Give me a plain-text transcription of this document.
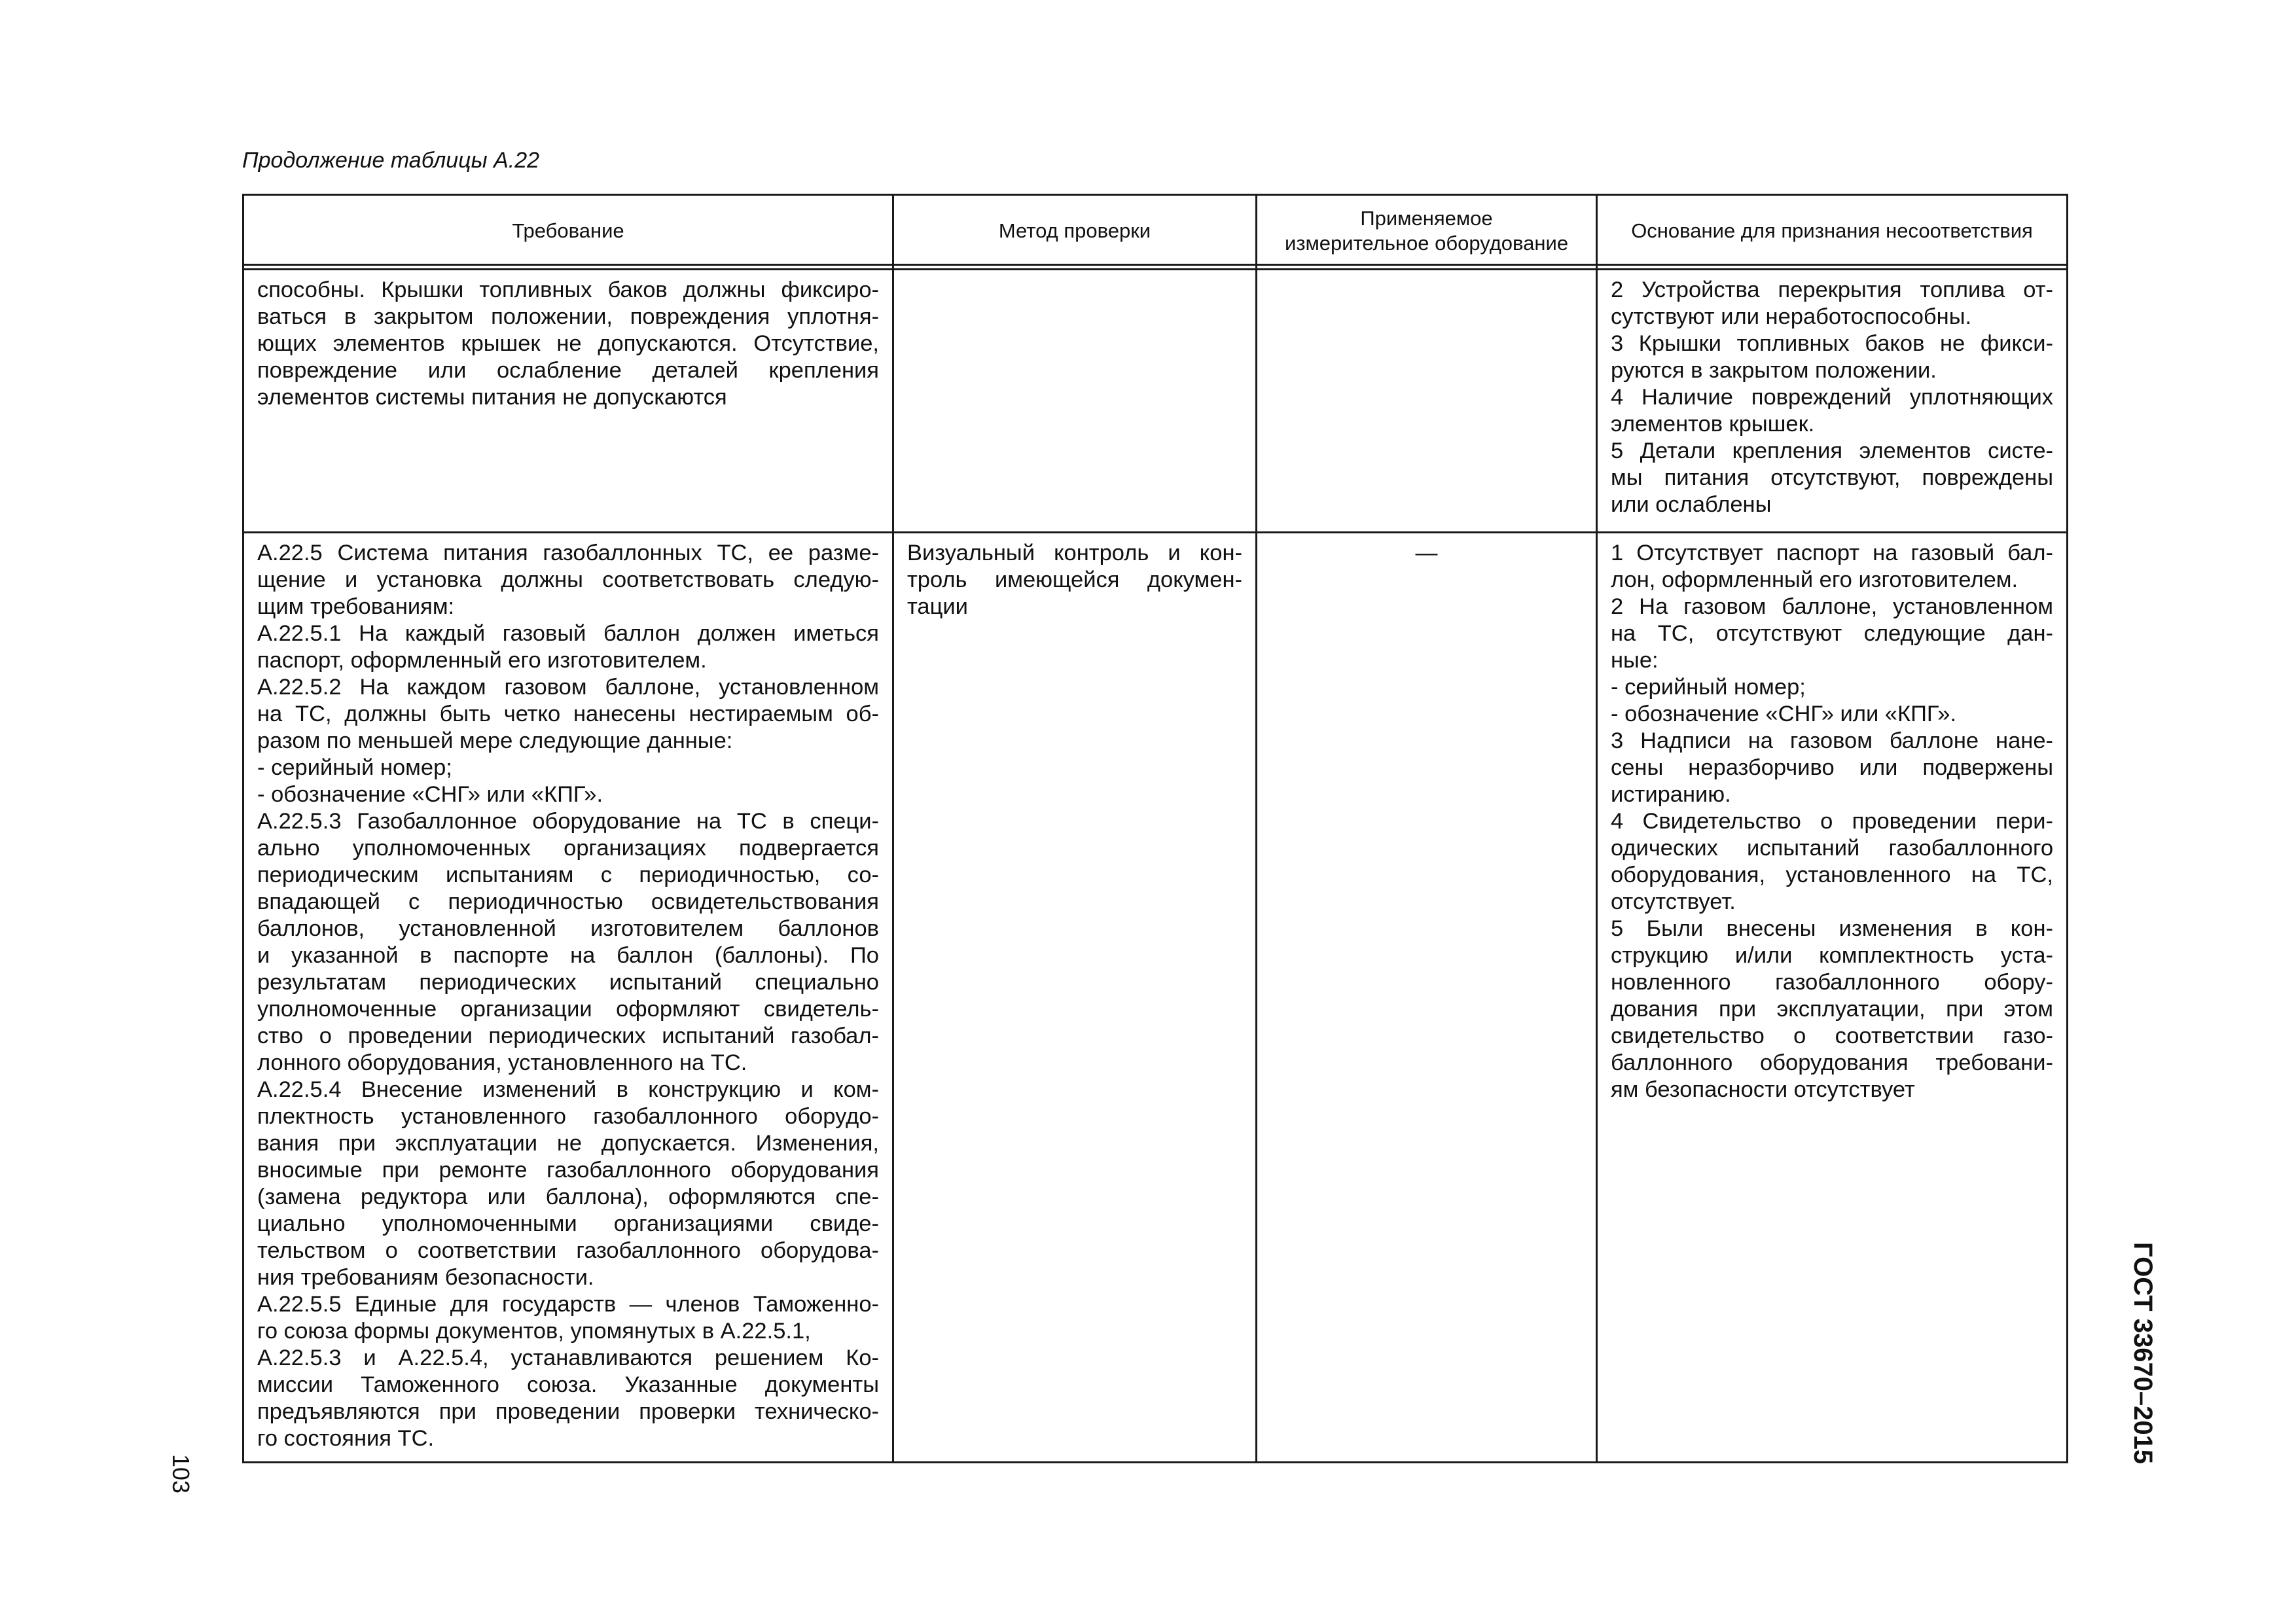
Продолжение таблицы А.22
Требование	Метод проверки
Применяемое
измерительное оборудование
Основание для признания несоответствия
способны. Крышки топливных баков должны фиксиро-
ваться в закрытом положении, повреждения уплотня-
ющих элементов крышек не допускаются. Отсутствие,
повреждение или ослабление деталей крепления
элементов системы питания не допускаются
2 Устройства перекрытия топлива от-
сутствуют или неработоспособны.
3 Крышки топливных баков не фикси-
руются в закрытом положении.
4 Наличие повреждений уплотняющих
элементов крышек.
5 Детали крепления элементов систе-
мы питания отсутствуют, повреждены
или ослаблены
А.22.5 Система питания газобаллонных ТС, ее разме-
щение и установка должны соответствовать следую-
щим требованиям:
А.22.5.1 На каждый газовый баллон должен иметься
паспорт, оформленный его изготовителем.
А.22.5.2 На каждом газовом баллоне, установленном
на ТС, должны быть четко нанесены нестираемым об-
разом по меньшей мере следующие данные:
- серийный номер;
- обозначение «СНГ» или «КПГ».
А.22.5.3 Газобаллонное оборудование на ТС в специ-
ально уполномоченных организациях подвергается
периодическим испытаниям с периодичностью, со-
впадающей с периодичностью освидетельствования
баллонов, установленной изготовителем баллонов
и указанной в паспорте на баллон (баллоны). По
результатам периодических испытаний специально
уполномоченные организации оформляют свидетель-
ство о проведении периодических испытаний газобал-
лонного оборудования, установленного на ТС.
А.22.5.4 Внесение изменений в конструкцию и ком-
плектность установленного газобаллонного оборудо-
вания при эксплуатации не допускается. Изменения,
вносимые при ремонте газобаллонного оборудования
(замена редуктора или баллона), оформляются спе-
циально уполномоченными организациями свиде-
тельством о соответствии газобаллонного оборудова-
ния требованиям безопасности.
А.22.5.5 Единые для государств — членов Таможенно-
го союза формы документов, упомянутых в А.22.5.1,
А.22.5.3 и А.22.5.4, устанавливаются решением Ко-
миссии Таможенного союза. Указанные документы
предъявляются при проведении проверки техническо-
го состояния ТС.
Визуальный контроль и кон-
троль имеющейся докумен-
тации
—	1 Отсутствует паспорт на газовый бал-
лон, оформленный его изготовителем.
2 На газовом баллоне, установленном
на ТС, отсутствуют следующие дан-
ные:
- серийный номер;
- обозначение «СНГ» или «КПГ».
3 Надписи на газовом баллоне нане-
сены неразборчиво или подвержены
истиранию.
4 Свидетельство о проведении пери-
одических испытаний газобаллонного
оборудования, установленного на ТС,
отсутствует.
5 Были внесены изменения в кон-
струкцию и/или комплектность уста-
новленного газобаллонного обору-
дования при эксплуатации, при этом
свидетельство о соответствии газо-
баллонного оборудования требовани-
ям безопасности отсутствует
103
ГОСТ 33670–2015
